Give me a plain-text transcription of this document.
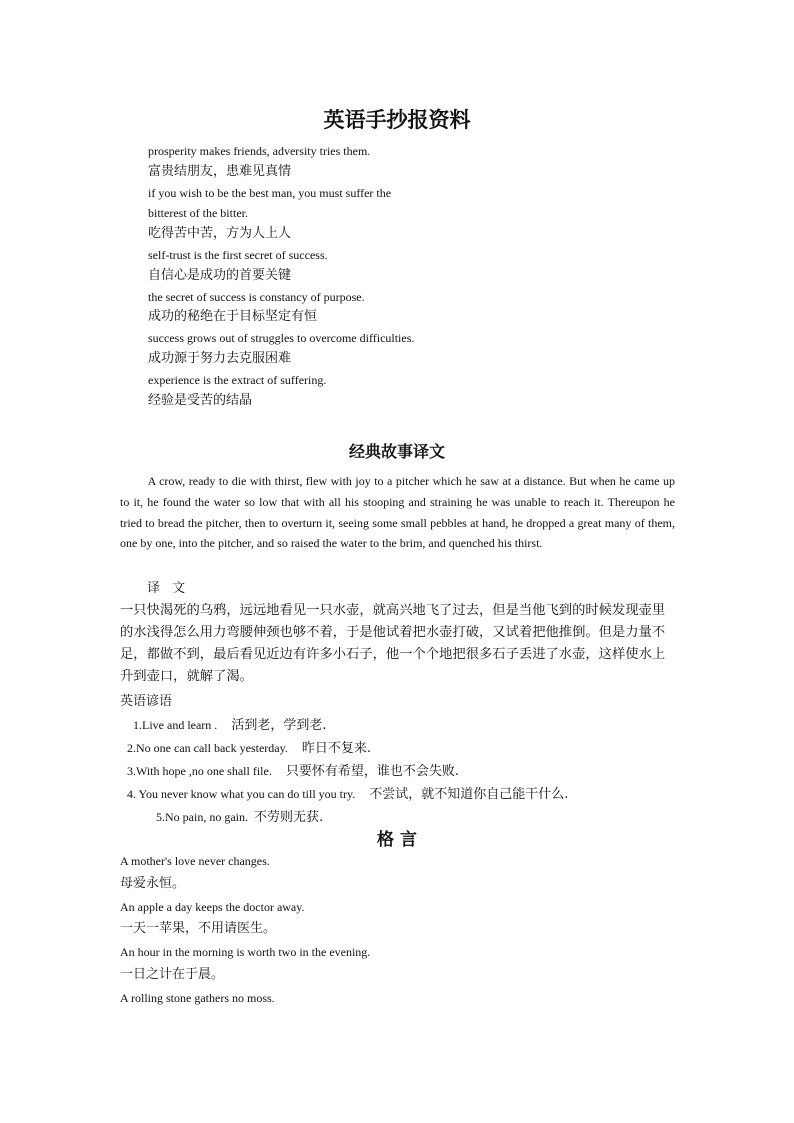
英语手抄报资料
prosperity makes friends, adversity tries them.
富贵结朋友，患难见真情
if you wish to be the best man, you must suffer the
bitterest of the bitter.
吃得苦中苦，方为人上人
self-trust is the first secret of success.
自信心是成功的首要关键
the secret of success is constancy of purpose.
成功的秘绝在于目标坚定有恒
success grows out of struggles to overcome difficulties.
成功源于努力去克服困难
experience is the extract of suffering.
经验是受苦的结晶
经典故事译文
A crow, ready to die with thirst, flew with joy to a pitcher which he saw at a distance. But when he came up to it, he found the water so low that with all his stooping and straining he was unable to reach it. Thereupon he tried to bread the pitcher, then to overturn it, seeing some small pebbles at hand, he dropped a great many of them, one by one, into the pitcher, and so raised the water to the brim, and quenched his thirst.
译 文
一只快渴死的乌鸦，远远地看见一只水壶，就高兴地飞了过去，但是当他飞到的时候发现壶里的水浅得怎么用力弯腰伸颈也够不着，于是他试着把水壶打破，又试着把他推倒。但是力量不足，都做不到，最后看见近边有许多小石子，他一个个地把很多石子丢进了水壶，这样使水上升到壶口，就解了渴。
英语谚语
1.Live and learn . 活到老，学到老.
2.No one can call back yesterday. 昨日不复来.
3.With hope ,no one shall file. 只要怀有希望，谁也不会失败.
4. You never know what you can do till you try. 不尝试，就不知道你自己能干什么.
5.No pain, no gain. 不劳则无获.
格 言
A mother's love never changes.
母爱永恒。
An apple a day keeps the doctor away.
一天一苹果，不用请医生。
An hour in the morning is worth two in the evening.
一日之计在于晨。
A rolling stone gathers no moss.
